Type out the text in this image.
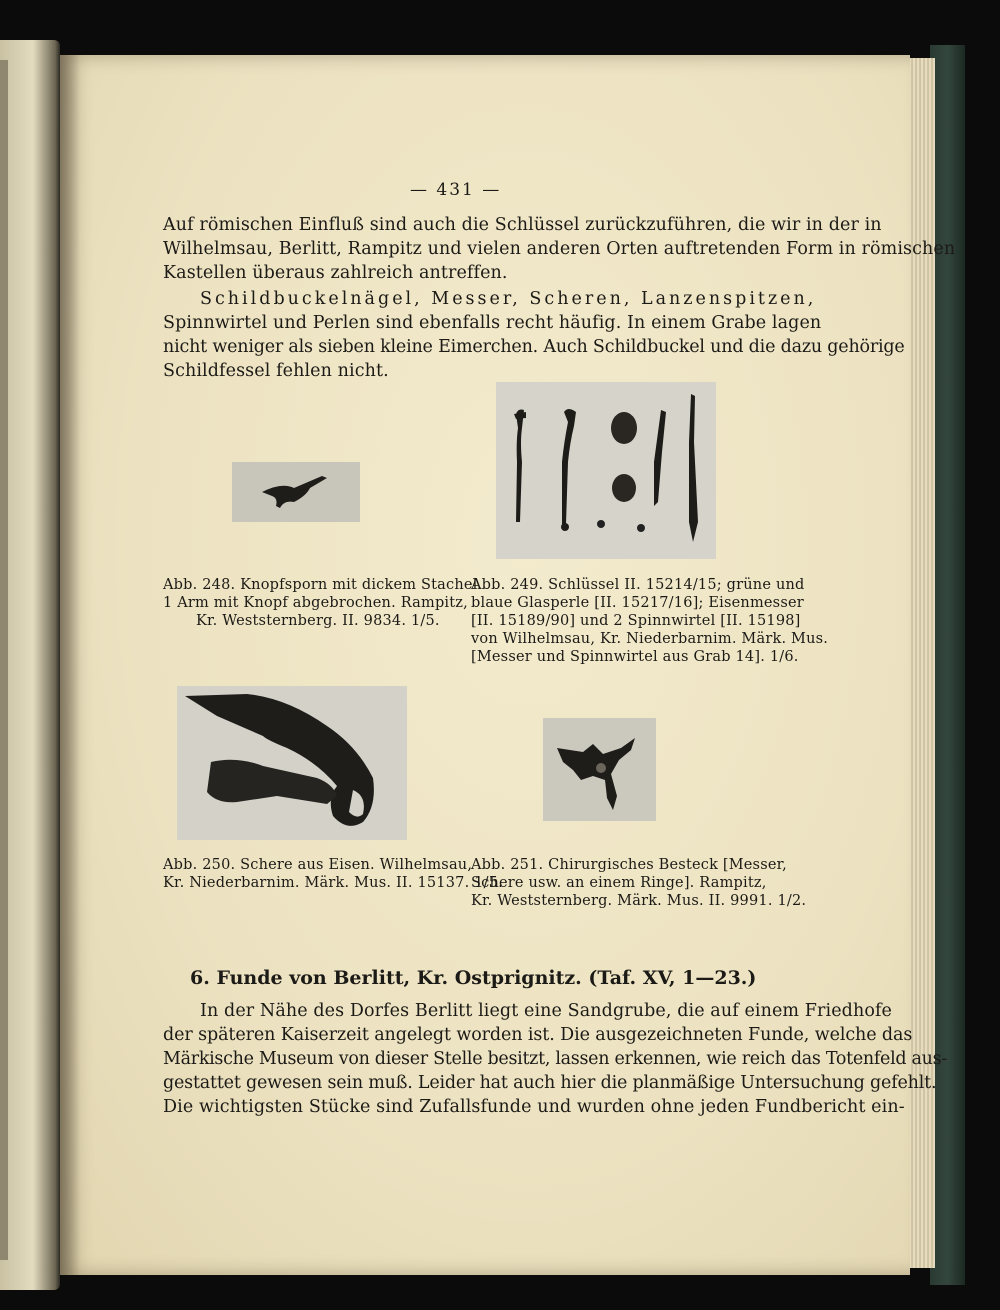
— 431 —
Auf römischen Einfluß sind auch die Schlüssel zurückzuführen, die wir in der in
Wilhelmsau, Berlitt, Rampitz und vielen anderen Orten auftretenden Form in römischen
Kastellen überaus zahlreich antreffen.
Schildbuckelnägel, Messer, Scheren, Lanzenspitzen,
Spinnwirtel und Perlen sind ebenfalls recht häufig. In einem Grabe lagen
nicht weniger als sieben kleine Eimerchen. Auch Schildbuckel und die dazu gehörige
Schildfessel fehlen nicht.
Abb. 248. Knopfsporn mit dickem Stachel.
1 Arm mit Knopf abgebrochen. Rampitz,
Kr. Weststernberg. II. 9834. 1/5.
Abb. 249. Schlüssel II. 15214/15; grüne und
blaue Glasperle [II. 15217/16]; Eisenmesser
[II. 15189/90] und 2 Spinnwirtel [II. 15198]
von Wilhelmsau, Kr. Niederbarnim. Märk. Mus.
[Messer und Spinnwirtel aus Grab 14]. 1/6.
Abb. 250. Schere aus Eisen. Wilhelmsau,
Kr. Niederbarnim. Märk. Mus. II. 15137. 1/5.
Abb. 251. Chirurgisches Besteck [Messer,
Schere usw. an einem Ringe]. Rampitz,
Kr. Weststernberg. Märk. Mus. II. 9991. 1/2.
6. Funde von Berlitt, Kr. Ostprignitz. (Taf. XV, 1—23.)
In der Nähe des Dorfes Berlitt liegt eine Sandgrube, die auf einem Friedhofe
der späteren Kaiserzeit angelegt worden ist. Die ausgezeichneten Funde, welche das
Märkische Museum von dieser Stelle besitzt, lassen erkennen, wie reich das Totenfeld aus-
gestattet gewesen sein muß. Leider hat auch hier die planmäßige Untersuchung gefehlt.
Die wichtigsten Stücke sind Zufallsfunde und wurden ohne jeden Fundbericht ein-
